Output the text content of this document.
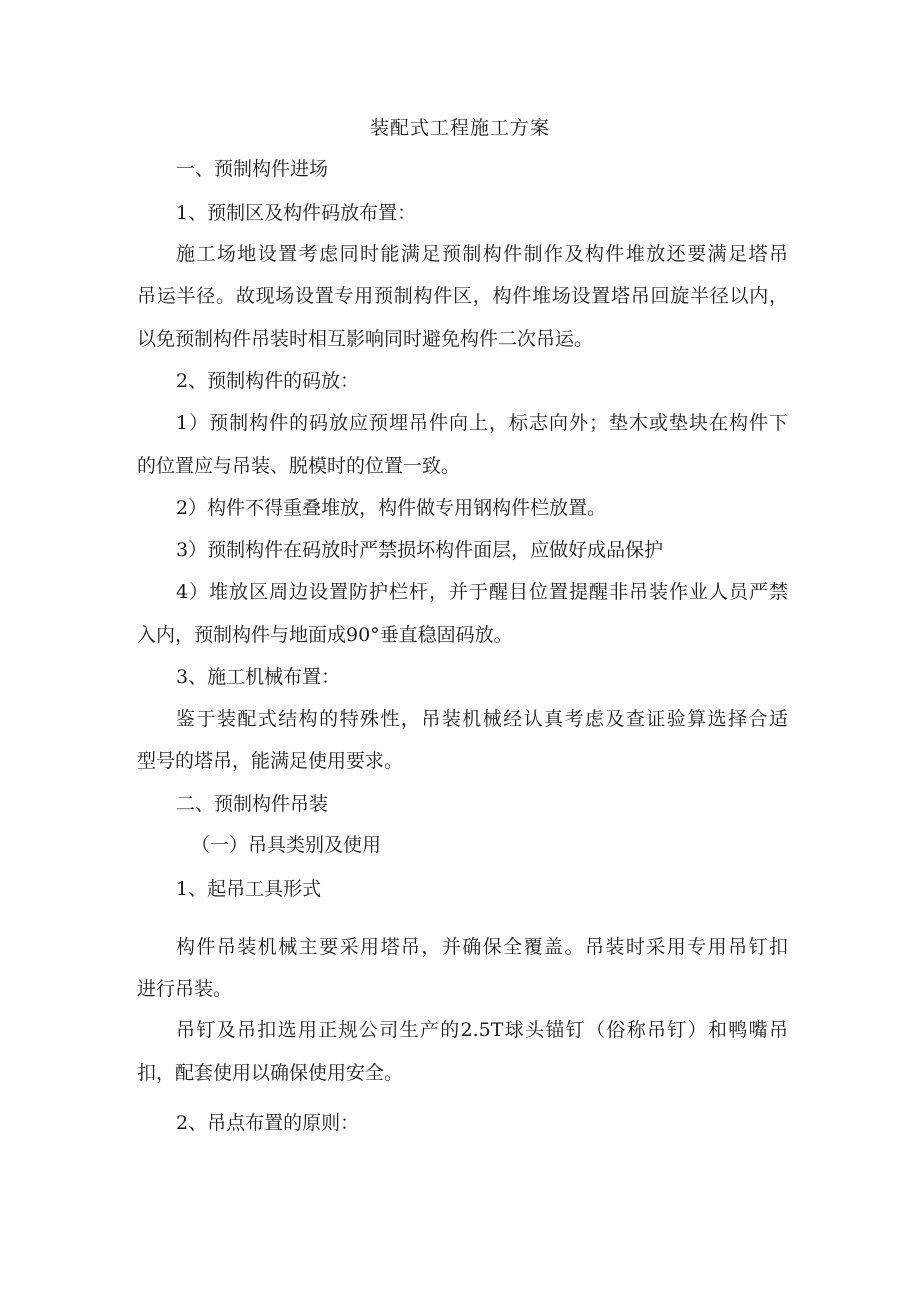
装配式工程施工方案
一、预制构件进场
1、预制区及构件码放布置：
施工场地设置考虑同时能满足预制构件制作及构件堆放还要满足塔吊
吊运半径。故现场设置专用预制构件区，构件堆场设置塔吊回旋半径以内，
以免预制构件吊装时相互影响同时避免构件二次吊运。
2、预制构件的码放：
1）预制构件的码放应预埋吊件向上，标志向外；垫木或垫块在构件下
的位置应与吊装、脱模时的位置一致。
2）构件不得重叠堆放，构件做专用钢构件栏放置。
3）预制构件在码放时严禁损坏构件面层，应做好成品保护
4）堆放区周边设置防护栏杆，并于醒目位置提醒非吊装作业人员严禁
入内，预制构件与地面成90°垂直稳固码放。
3、施工机械布置：
鉴于装配式结构的特殊性，吊装机械经认真考虑及查证验算选择合适
型号的塔吊，能满足使用要求。
二、预制构件吊装
（一）吊具类别及使用
1、起吊工具形式
构件吊装机械主要采用塔吊，并确保全覆盖。吊装时采用专用吊钉扣
进行吊装。
吊钉及吊扣选用正规公司生产的2.5T球头锚钉（俗称吊钉）和鸭嘴吊
扣，配套使用以确保使用安全。
2、吊点布置的原则：
